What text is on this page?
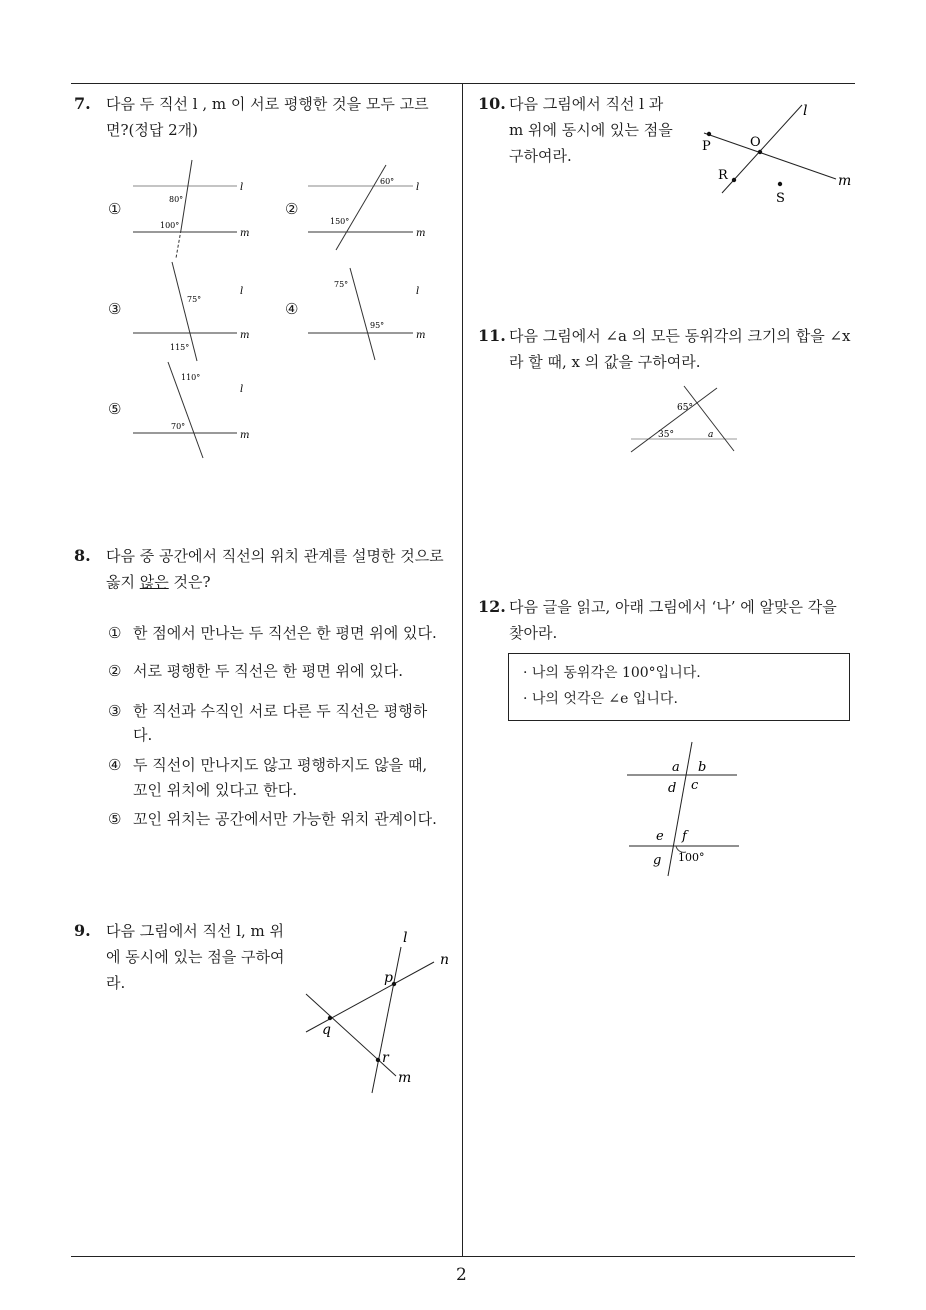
7. 다음 두 직선 l , m 이 서로 평행한 것을 모두 고르
면?(정답 2개)
①	②
③	④
⑤
80°
100°
l
m
60°
150°
l
m
75°
115°
l
m
75°
95°
l
m
110°
70°
l
m
8. 다음 중 공간에서 직선의 위치 관계를 설명한 것으로
옳지 않은 것은?
① 한 점에서 만나는 두 직선은 한 평면 위에 있다.
② 서로 평행한 두 직선은 한 평면 위에 있다.
③ 한 직선과 수직인 서로 다른 두 직선은 평행하
다.
④ 두 직선이 만나지도 않고 평행하지도 않을 때,
꼬인 위치에 있다고 한다.
⑤ 꼬인 위치는 공간에서만 가능한 위치 관계이다.
9. 다음 그림에서 직선 l, m 위
에 동시에 있는 점을 구하여
라.
l
n
m
p
q
r
10. 다음 그림에서 직선 l 과
m 위에 동시에 있는 점을
구하여라.
l
m
P	O
R
S
11. 다음 그림에서 ∠a 의 모든 동위각의 크기의 합을 ∠x
라 할 때, x 의 값을 구하여라.
65°
35°	a
12. 다음 글을 읽고, 아래 그림에서 ‘나’ 에 알맞은 각을
찾아라.
· 나의 동위각은 100°입니다.
· 나의 엇각은 ∠e 입니다.
a b
d c
e f
g 100°
2
